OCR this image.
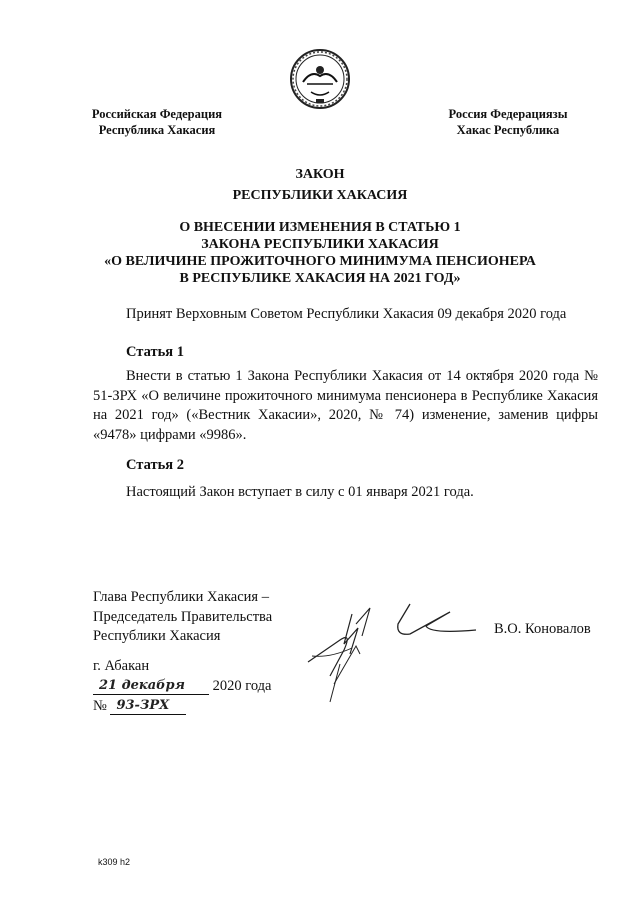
Российская Федерация
Республика Хакасия
Россия Федерациязы
Хакас Республика
ЗАКОН
РЕСПУБЛИКИ ХАКАСИЯ
О ВНЕСЕНИИ ИЗМЕНЕНИЯ В СТАТЬЮ 1
ЗАКОНА РЕСПУБЛИКИ ХАКАСИЯ
«О ВЕЛИЧИНЕ ПРОЖИТОЧНОГО МИНИМУМА ПЕНСИОНЕРА
В РЕСПУБЛИКЕ ХАКАСИЯ НА 2021 ГОД»
Принят Верховным Советом Республики Хакасия 09 декабря 2020 года
Статья 1
Внести в статью 1 Закона Республики Хакасия от 14 октября 2020 года № 51-ЗРХ «О величине прожиточного минимума пенсионера в Республике Хакасия на 2021 год» («Вестник Хакасии», 2020, № 74) изменение, заменив цифры «9478» цифрами «9986».
Статья 2
Настоящий Закон вступает в силу с 01 января 2021 года.
Глава Республики Хакасия –
Председатель Правительства
Республики Хакасия	В.О. Коновалов
г. Абакан
21 декабря 2020 года
№ 93-ЗРХ
k309 h2
